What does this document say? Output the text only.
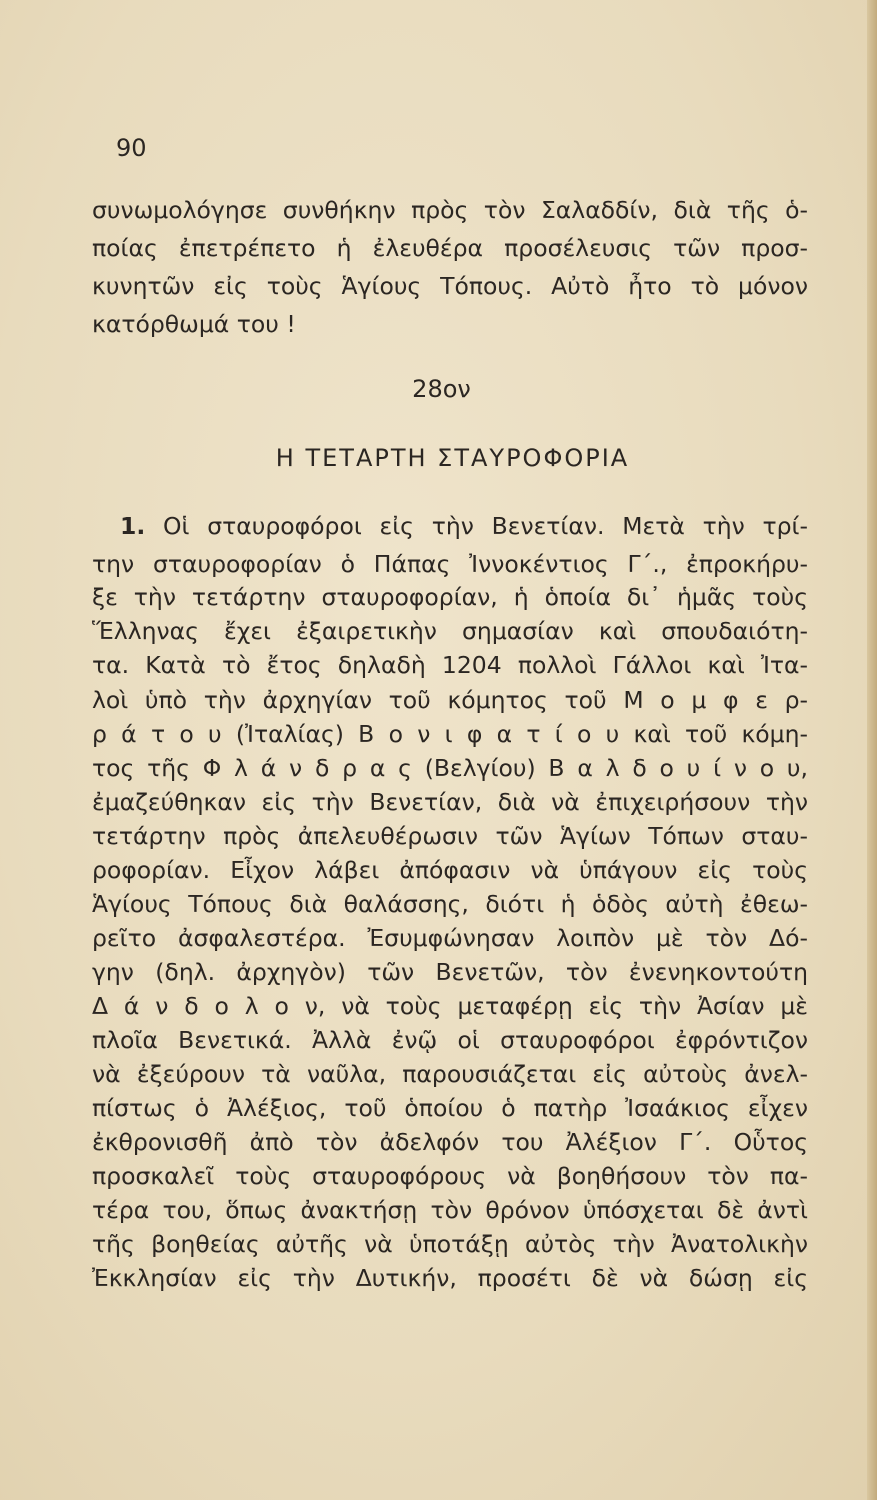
90
συνωμολόγησε συνθήκην πρὸς τὸν Σαλαδδίν, διὰ τῆς ὁ-
ποίας ἐπετρέπετο ἡ ἐλευθέρα προσέλευσις τῶν προσ-
κυνητῶν εἰς τοὺς Ἁγίους Τόπους. Αὐτὸ ἦτο τὸ μόνον
κατόρθωμά του !
28ον
Η ΤΕΤΑΡΤΗ ΣΤΑΥΡΟΦΟΡΙΑ
1. Οἱ σταυροφόροι εἰς τὴν Βενετίαν. Μετὰ τὴν τρί-
την σταυροφορίαν ὁ Πάπας Ἰννοκέντιος Γ΄., ἐπροκήρυ-
ξε τὴν τετάρτην σταυροφορίαν, ἡ ὁποία δι᾽ ἡμᾶς τοὺς
Ἕλληνας ἔχει ἐξαιρετικὴν σημασίαν καὶ σπουδαιότη-
τα. Κατὰ τὸ ἔτος δηλαδὴ 1204 πολλοὶ Γάλλοι καὶ Ἰτα-
λοὶ ὑπὸ τὴν ἀρχηγίαν τοῦ κόμητος τοῦ Μ ο μ φ ε ρ-
ρ ά τ ο υ (Ἰταλίας) Β ο ν ι φ α τ ί ο υ καὶ τοῦ κόμη-
τος τῆς Φ λ ά ν δ ρ α ς (Βελγίου) Β α λ δ ο υ ί ν ο υ,
ἐμαζεύθηκαν εἰς τὴν Βενετίαν, διὰ νὰ ἐπιχειρήσουν τὴν
τετάρτην πρὸς ἀπελευθέρωσιν τῶν Ἁγίων Τόπων σταυ-
ροφορίαν. Εἶχον λάβει ἀπόφασιν νὰ ὑπάγουν εἰς τοὺς
Ἁγίους Τόπους διὰ θαλάσσης, διότι ἡ ὁδὸς αὐτὴ ἐθεω-
ρεῖτο ἀσφαλεστέρα. Ἐσυμφώνησαν λοιπὸν μὲ τὸν Δό-
γην (δηλ. ἀρχηγὸν) τῶν Βενετῶν, τὸν ἐνενηκοντούτη
Δ ά ν δ ο λ ο ν, νὰ τοὺς μεταφέρῃ εἰς τὴν Ἀσίαν μὲ
πλοῖα Βενετικά. Ἀλλὰ ἐνῷ οἱ σταυροφόροι ἐφρόντιζον
νὰ ἐξεύρουν τὰ ναῦλα, παρουσιάζεται εἰς αὐτοὺς ἀνελ-
πίστως ὁ Ἀλέξιος, τοῦ ὁποίου ὁ πατὴρ Ἰσαάκιος εἶχεν
ἐκθρονισθῆ ἀπὸ τὸν ἀδελφόν του Ἀλέξιον Γ΄. Οὗτος
προσκαλεῖ τοὺς σταυροφόρους νὰ βοηθήσουν τὸν πα-
τέρα του, ὅπως ἀνακτήσῃ τὸν θρόνον ὑπόσχεται δὲ ἀντὶ
τῆς βοηθείας αὐτῆς νὰ ὑποτάξῃ αὐτὸς τὴν Ἀνατολικὴν
Ἐκκλησίαν εἰς τὴν Δυτικήν, προσέτι δὲ νὰ δώσῃ εἰς
